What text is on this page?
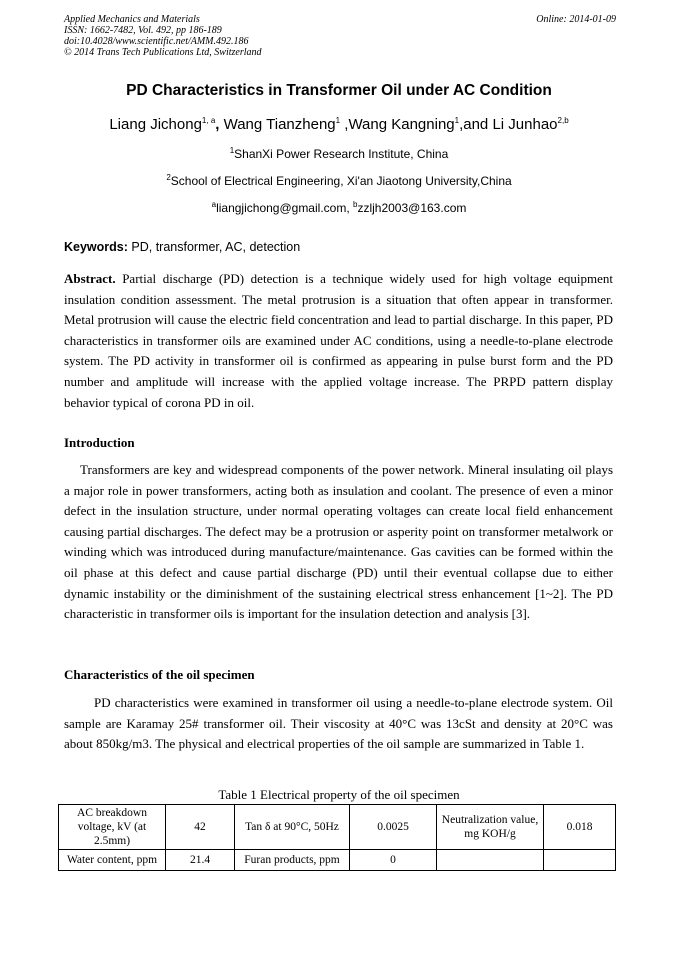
Applied Mechanics and Materials
ISSN: 1662-7482, Vol. 492, pp 186-189
doi:10.4028/www.scientific.net/AMM.492.186
© 2014 Trans Tech Publications Ltd, Switzerland
Online: 2014-01-09
PD Characteristics in Transformer Oil under AC Condition
Liang Jichong$^{1, a}$, Wang Tianzheng$^1$ ,Wang Kangning$^1$,and Li Junhao$^{2,b}$
$^1$ShanXi Power Research Institute, China
$^2$School of Electrical Engineering, Xi'an Jiaotong University,China
$^a$liangjichong@gmail.com, $^b$zzljh2003@163.com
Keywords: PD, transformer, AC, detection

Abstract. Partial discharge (PD) detection is a technique widely used for high voltage equipment insulation condition assessment. The metal protrusion is a situation that often appear in transformer. Metal protrusion will cause the electric field concentration and lead to partial discharge. In this paper, PD characteristics in transformer oils are examined under AC conditions, using a needle-to-plane electrode system. The PD activity in transformer oil is confirmed as appearing in pulse burst form and the PD number and amplitude will increase with the applied voltage increase. The PRPD pattern display behavior typical of corona PD in oil.

Introduction

Transformers are key and widespread components of the power network. Mineral insulating oil plays a major role in power transformers, acting both as insulation and coolant. The presence of even a minor defect in the insulation structure, under normal operating voltages can create local field enhancement causing partial discharges. The defect may be a protrusion or asperity point on transformer metalwork or winding which was introduced during manufacture/maintenance. Gas cavities can be formed within the oil phase at this defect and cause partial discharge (PD) until their eventual collapse due to either dynamic instability or the diminishment of the sustaining electrical stress enhancement [1~2]. The PD characteristic in transformer oils is important for the insulation detection and analysis [3].

Characteristics of the oil specimen

PD characteristics were examined in transformer oil using a needle-to-plane electrode system. Oil sample are Karamay 25# transformer oil. Their viscosity at 40°C was 13cSt and density at 20°C was about 850kg/m3. The physical and electrical properties of the oil sample are summarized in Table 1.

Table 1 Electrical property of the oil specimen
AC breakdown voltage, kV (at 2.5mm)	42	Tan δ at 90°C, 50Hz	0.0025	Neutralization value, mg KOH/g	0.018
Water content, ppm	21.4	Furan products, ppm	0		
